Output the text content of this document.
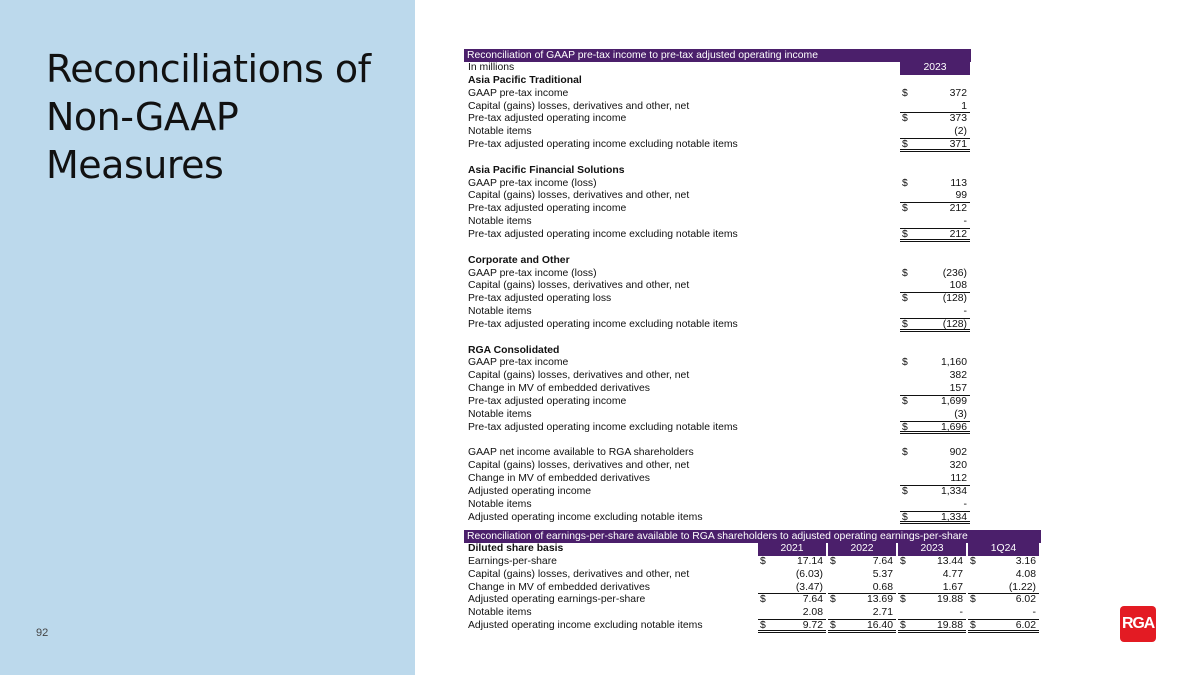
Reconciliations of Non-GAAP Measures
92
Reconciliation of GAAP pre-tax income to pre-tax adjusted operating income
In millions	2023
Asia Pacific Traditional
GAAP pre-tax income	$	372
Capital (gains) losses, derivatives and other, net	1
Pre-tax adjusted operating income	$	373
Notable items	(2)
Pre-tax adjusted operating income excluding notable items	$	371
Asia Pacific Financial Solutions
GAAP pre-tax income (loss)	$	113
Capital (gains) losses, derivatives and other, net	99
Pre-tax adjusted operating income	$	212
Notable items	-
Pre-tax adjusted operating income excluding notable items	$	212
Corporate and Other
GAAP pre-tax income (loss)	$	(236)
Capital (gains) losses, derivatives and other, net	108
Pre-tax adjusted operating loss	$	(128)
Notable items	-
Pre-tax adjusted operating income excluding notable items	$	(128)
RGA Consolidated
GAAP pre-tax income	$	1,160
Capital (gains) losses, derivatives and other, net	382
Change in MV of embedded derivatives	157
Pre-tax adjusted operating income	$	1,699
Notable items	(3)
Pre-tax adjusted operating income excluding notable items	$	1,696
GAAP net income available to RGA shareholders	$	902
Capital (gains) losses, derivatives and other, net	320
Change in MV of embedded derivatives	112
Adjusted operating income	$	1,334
Notable items	-
Adjusted operating income excluding notable items	$	1,334
Reconciliation of earnings-per-share available to RGA shareholders to adjusted operating earnings-per-share
Diluted share basis	2021	2022	2023	1Q24
Earnings-per-share	$	17.14 $	7.64 $	13.44 $	3.16
Capital (gains) losses, derivatives and other, net	(6.03)	5.37	4.77	4.08
Change in MV of embedded derivatives	(3.47)	0.68	1.67	(1.22)
Adjusted operating earnings-per-share	$	7.64 $	13.69 $	19.88 $	6.02
Notable items	2.08	2.71	-	-
Adjusted operating income excluding notable items	$	9.72 $	16.40 $	19.88 $	6.02	RGA
